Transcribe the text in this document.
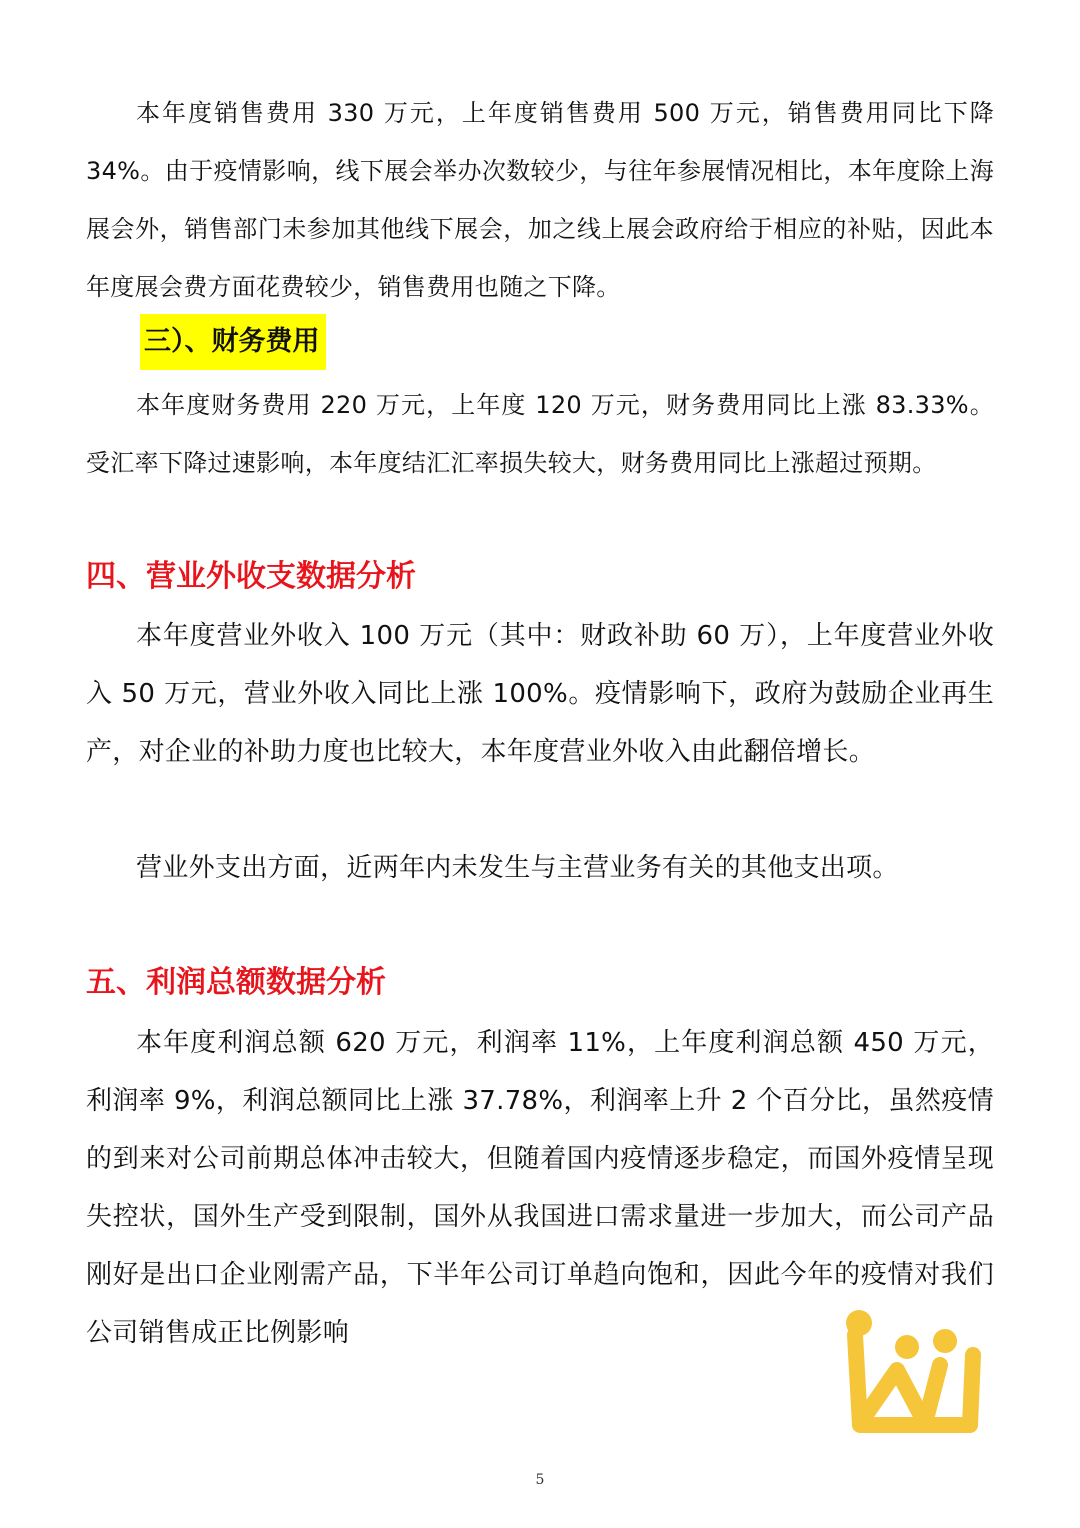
本年度销售费用 330 万元，上年度销售费用 500 万元，销售费用同比下降 34%。由于疫情影响，线下展会举办次数较少，与往年参展情况相比，本年度除上海展会外，销售部门未参加其他线下展会，加之线上展会政府给于相应的补贴，因此本年度展会费方面花费较少，销售费用也随之下降。

三）、财务费用

本年度财务费用 220 万元，上年度 120 万元，财务费用同比上涨 83.33%。受汇率下降过速影响，本年度结汇汇率损失较大，财务费用同比上涨超过预期。

四、营业外收支数据分析

本年度营业外收入 100 万元（其中：财政补助 60 万），上年度营业外收入 50 万元，营业外收入同比上涨 100%。疫情影响下，政府为鼓励企业再生产，对企业的补助力度也比较大，本年度营业外收入由此翻倍增长。

营业外支出方面，近两年内未发生与主营业务有关的其他支出项。

五、利润总额数据分析

本年度利润总额 620 万元，利润率 11%，上年度利润总额 450 万元，利润率 9%，利润总额同比上涨 37.78%，利润率上升 2 个百分比，虽然疫情的到来对公司前期总体冲击较大，但随着国内疫情逐步稳定，而国外疫情呈现失控状，国外生产受到限制，国外从我国进口需求量进一步加大，而公司产品刚好是出口企业刚需产品，下半年公司订单趋向饱和，因此今年的疫情对我们公司销售成正比例影响

5
